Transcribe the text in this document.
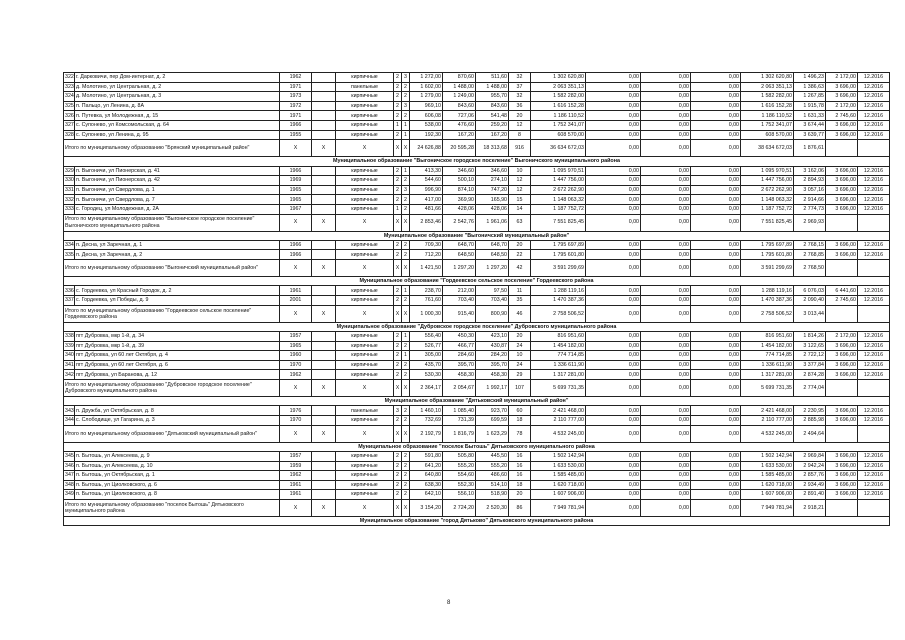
322	г. Дарковичи, пер Дом-интернат, д. 2	1962		кирпичные	2	3	1 272,00	870,60	511,60	32	1 302 620,80	0,00	0,00	0,00	1 302 620,80	1 496,23	2 172,00	12.2016
323	д. Молотино, ул Центральная, д. 2	1971		панельные	2	2	1 602,00	1 488,00	1 488,00	37	2 063 351,13	0,00	0,00	0,00	2 063 351,13	1 386,63	3 696,00	12.2016
324	д. Молотино, ул Центральная, д. 3	1973		кирпичные	2	2	1 279,00	1 249,00	955,70	32	1 582 282,00	0,00	0,00	0,00	1 582 282,00	1 267,85	3 696,00	12.2016
325	п. Пальцо, ул Ленина, д. 8А	1972		кирпичные	2	3	969,10	843,60	843,60	36	1 616 152,28	0,00	0,00	0,00	1 616 152,28	1 915,78	2 172,00	12.2016
326	п. Путевка, ул Молодежная, д. 15	1971		кирпичные	2	2	606,08	727,06	541,48	20	1 186 110,52	0,00	0,00	0,00	1 186 110,52	1 631,33	2 745,60	12.2016
327	с. Супонево, ул Комсомольская, д. 64	1966		кирпичные	1	1	538,00	476,60	259,20	12	1 752 341,07	0,00	0,00	0,00	1 752 341,07	3 674,44	3 696,00	12.2016
328	с. Супонево, ул Ленина, д. 95	1955		кирпичные	2	1	192,30	167,20	167,20	8	608 570,00	0,00	0,00	0,00	608 570,00	3 639,77	3 696,00	12.2016
Итого по муниципальному образованию "Брянский муниципальный район"		X	X	X	X	X	24 626,88	20 595,28	18 313,68	916	36 634 672,03	0,00	0,00	0,00	38 634 672,03	1 876,61		
Муниципальное образование "Выгоничское городское поселение" Выгоничского муниципального района																		
329	п. Выгоничи, ул Пионерская, д. 41	1966		кирпичные	2	1	413,30	346,60	346,60	10	1 095 970,51	0,00	0,00	0,00	1 095 970,51	3 162,06	3 696,00	12.2016
330	п. Выгоничи, ул Пионерская, д. 42	1969		кирпичные	2	2	544,60	500,10	274,10	12	1 447 756,00	0,00	0,00	0,00	1 447 756,00	2 894,93	3 696,00	12.2016
331	п. Выгоничи, ул Свердлова, д. 1	1965		кирпичные	2	3	996,90	874,10	747,20	12	2 672 262,90	0,00	0,00	0,00	2 672 262,90	3 057,16	3 696,00	12.2016
332	п. Выгоничи, ул Свердлова, д. 7	1965		кирпичные	2	2	417,00	369,90	165,90	15	1 148 063,32	0,00	0,00	0,00	1 148 063,32	2 914,66	3 696,00	12.2016
333	с. Городец, ул Молодежная, д. 2А	1967		кирпичные	1	2	481,66	428,06	428,06	14	1 187 752,72	0,00	0,00	0,00	1 187 752,72	2 774,73	3 696,00	12.2016
Итого по муниципальному образованию "Выгоничское городское поселение" Выгоничского муниципального района		X	X	X	X	X	2 853,46	2 542,76	1 961,06	63	7 551 825,45	0,00	0,00	0,00	7 551 825,45	2 969,93		
Муниципальное образование "Выгоничский муниципальный район"																		
334	п. Десна, ул Заречная, д. 1	1966		кирпичные	2	2	709,30	648,70	648,70	20	1 795 697,89	0,00	0,00	0,00	1 795 697,89	2 768,15	3 696,00	12.2016
335	п. Десна, ул Заречная, д. 2	1966		кирпичные	2	2	712,20	648,50	648,50	22	1 795 601,80	0,00	0,00	0,00	1 795 601,80	2 768,85	3 696,00	12.2016
Итого по муниципальному образованию "Выгоничский муниципальный район"		X	X	X	X	X	1 421,50	1 297,20	1 297,20	42	3 591 299,69	0,00	0,00	0,00	3 591 299,69	2 768,50		
Муниципальное образование "Гордеевское сельское поселение" Гордеевского района																		
336	с. Гордеевка, ул Красный Городок, д. 2	1961		кирпичные	2	1	238,70	212,00	97,50	11	1 288 119,16	0,00	0,00	0,00	1 288 119,16	6 076,03	6 441,60	12.2016
337	с. Гордеевка, ул Победы, д. 9	2001		кирпичные	2	2	761,60	703,40	703,40	35	1 470 387,36	0,00	0,00	0,00	1 470 387,36	2 090,40	2 745,60	12.2016
Итого по муниципальному образованию "Гордеевское сельское поселение" Гордеевского района		X	X	X	X	X	1 000,30	915,40	800,90	46	2 758 506,52	0,00	0,00	0,00	2 758 506,52	3 013,44		
Муниципальное образование "Дубровское городское поселение" Дубровского муниципального района																		
338	пгт Дубровка, мкр 1-й, д. 34	1957		кирпичные	2	1	556,40	450,30	423,10	20	816 951,60	0,00	0,00	0,00	816 951,60	1 814,26	2 172,00	12.2016
339	пгт Дубровка, мкр 1-й, д. 39	1965		кирпичные	2	2	526,77	466,77	430,87	24	1 454 182,00	0,00	0,00	0,00	1 454 182,00	3 122,65	3 696,00	12.2016
340	пгт Дубровка, ул 60 лет Октября, д. 4	1960		кирпичные	2	1	305,00	284,60	284,20	10	774 714,85	0,00	0,00	0,00	774 714,85	2 722,12	3 696,00	12.2016
341	пгт Дубровка, ул 60 лет Октября, д. 6	1970		кирпичные	2	2	435,70	395,70	395,70	24	1 336 611,90	0,00	0,00	0,00	1 336 611,90	3 377,84	3 696,00	12.2016
342	пгт Дубровка, ул Баранова, д. 12	1962		кирпичные	2	2	530,30	458,30	458,30	29	1 317 281,00	0,00	0,00	0,00	1 317 281,00	2 874,28	3 696,00	12.2016
Итого по муниципальному образованию "Дубровское городское поселение" Дубровского муниципального района		X	X	X	X	X	2 364,17	2 054,67	1 992,17	107	5 699 731,35	0,00	0,00	0,00	5 699 731,35	2 774,04		
Муниципальное образование "Дятьковский муниципальный район"																		
343	п. Дружба, ул Октябрьская, д. 8	1976		панельные	3	2	1 460,10	1 085,40	923,70	60	2 421 468,00	0,00	0,00	0,00	2 421 468,00	2 230,95	3 696,00	12.2016
344	с. Слободище, ул Гагарина, д. 3	1970		кирпичные	2	2	732,69	731,39	699,59	18	2 110 777,00	0,00	0,00	0,00	2 110 777,00	2 885,98	3 696,00	12.2016
Итого по муниципальному образованию "Дятьковский муниципальный район"		X	X	X	X	X	2 192,79	1 816,79	1 623,29	78	4 532 245,00	0,00	0,00	0,00	4 532 245,00	2 494,64		
Муниципальное образование "поселок Бытошь" Дятьковского муниципального района																		
345	п. Бытошь, ул Алексеева, д. 9	1957		кирпичные	2	2	591,80	505,80	445,50	16	1 502 142,94	0,00	0,00	0,00	1 502 142,94	2 969,84	3 696,00	12.2016
346	п. Бытошь, ул Алексеева, д. 10	1959		кирпичные	2	2	641,20	555,20	555,20	16	1 633 530,00	0,00	0,00	0,00	1 633 530,00	2 942,24	3 696,00	12.2016
347	п. Бытошь, ул Октябрьская, д. 1	1962		кирпичные	2	2	640,80	554,60	486,60	16	1 585 485,00	0,00	0,00	0,00	1 585 485,00	2 857,76	3 696,00	12.2016
348	п. Бытошь, ул Циолковского, д. 6	1961		кирпичные	2	2	638,30	552,30	514,10	18	1 620 718,00	0,00	0,00	0,00	1 620 718,00	2 934,49	3 696,00	12.2016
349	п. Бытошь, ул Циолковского, д. 8	1961		кирпичные	2	2	642,10	556,10	518,90	20	1 607 906,00	0,00	0,00	0,00	1 607 906,00	2 891,40	3 696,00	12.2016
Итого по муниципальному образованию "поселок Бытошь" Дятьковского муниципального района		X	X	X	X	X	3 154,20	2 724,20	2 520,30	86	7 949 781,94	0,00	0,00	0,00	7 949 781,94	2 918,21		
Муниципальное образование "город Дятьково" Дятьковского муниципального района																		
8
